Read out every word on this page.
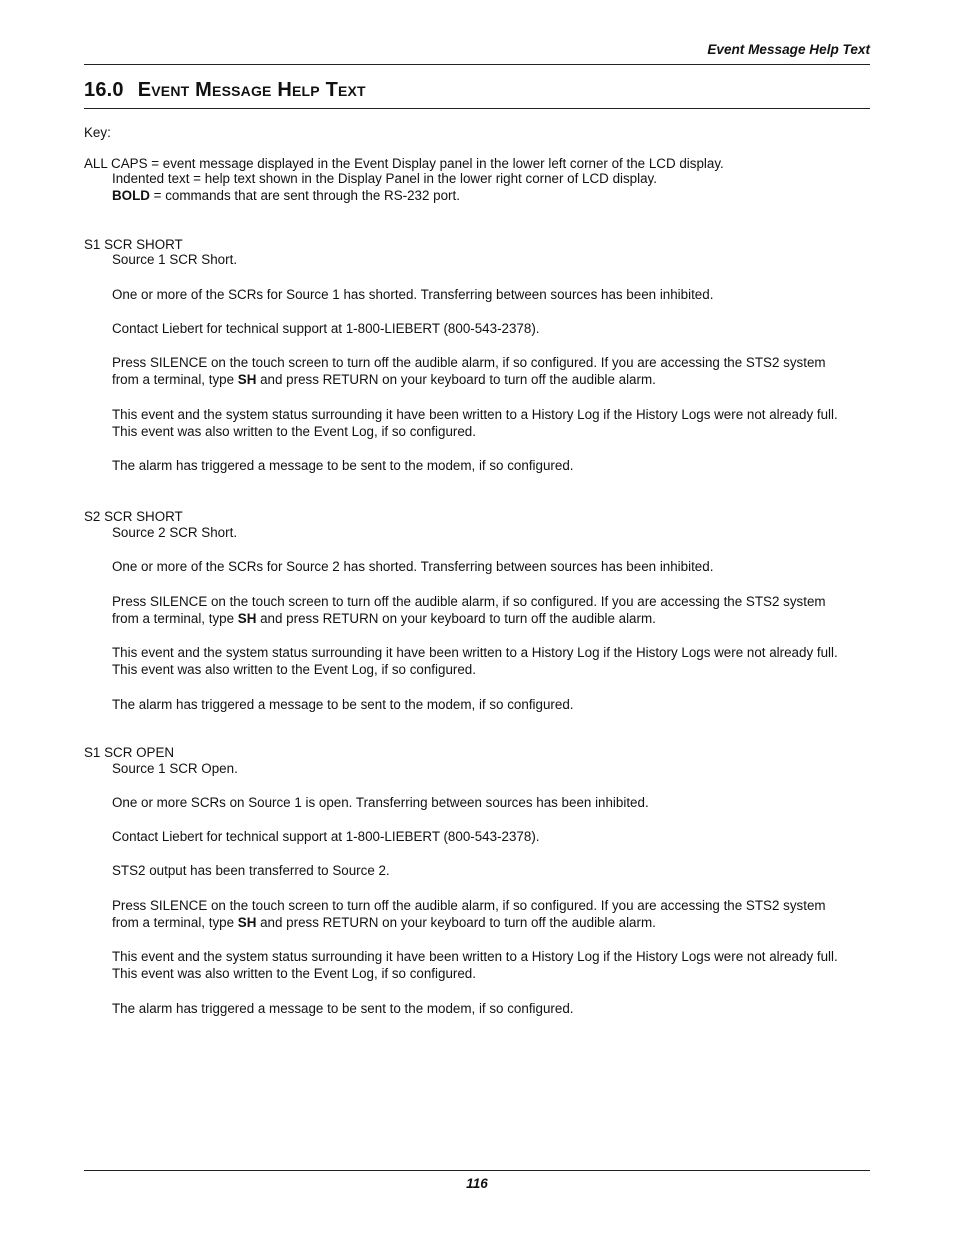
Event Message Help Text
16.0 Event Message Help Text
Key:
ALL CAPS = event message displayed in the Event Display panel in the lower left corner of the LCD display.
Indented text = help text shown in the Display Panel in the lower right corner of LCD display.
BOLD = commands that are sent through the RS-232 port.
S1 SCR SHORT
Source 1 SCR Short.
One or more of the SCRs for Source 1 has shorted. Transferring between sources has been inhibited.
Contact Liebert for technical support at 1-800-LIEBERT (800-543-2378).
Press SILENCE on the touch screen to turn off the audible alarm, if so configured. If you are accessing the STS2 system
from a terminal, type SH and press RETURN on your keyboard to turn off the audible alarm.
This event and the system status surrounding it have been written to a History Log if the History Logs were not already full.
This event was also written to the Event Log, if so configured.
The alarm has triggered a message to be sent to the modem, if so configured.
S2 SCR SHORT
Source 2 SCR Short.
One or more of the SCRs for Source 2 has shorted. Transferring between sources has been inhibited.
Press SILENCE on the touch screen to turn off the audible alarm, if so configured. If you are accessing the STS2 system
from a terminal, type SH and press RETURN on your keyboard to turn off the audible alarm.
This event and the system status surrounding it have been written to a History Log if the History Logs were not already full.
This event was also written to the Event Log, if so configured.
The alarm has triggered a message to be sent to the modem, if so configured.
S1 SCR OPEN
Source 1 SCR Open.
One or more SCRs on Source 1 is open. Transferring between sources has been inhibited.
Contact Liebert for technical support at 1-800-LIEBERT (800-543-2378).
STS2 output has been transferred to Source 2.
Press SILENCE on the touch screen to turn off the audible alarm, if so configured. If you are accessing the STS2 system
from a terminal, type SH and press RETURN on your keyboard to turn off the audible alarm.
This event and the system status surrounding it have been written to a History Log if the History Logs were not already full.
This event was also written to the Event Log, if so configured.
The alarm has triggered a message to be sent to the modem, if so configured.
116
